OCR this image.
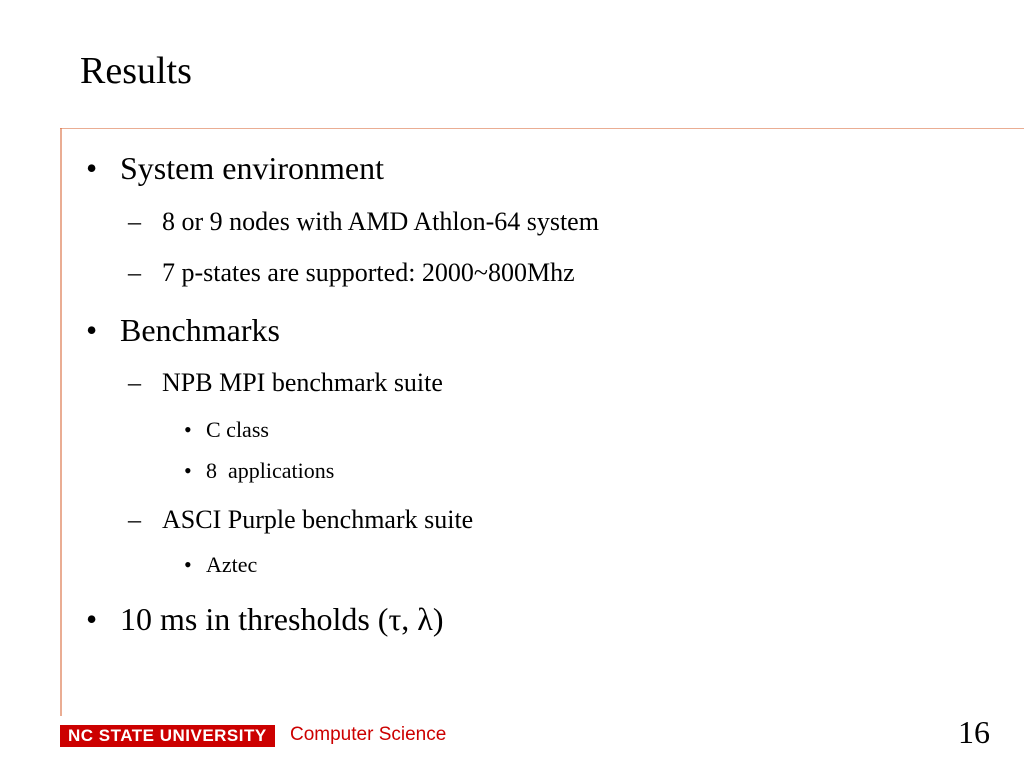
Results
• System environment
– 8 or 9 nodes with AMD Athlon-64 system
– 7 p-states are supported: 2000~800Mhz
• Benchmarks
– NPB MPI benchmark suite
• C class
• 8  applications
– ASCI Purple benchmark suite
• Aztec
• 10 ms in thresholds (τ, λ)
NC STATE UNIVERSITY	Computer Science	16
